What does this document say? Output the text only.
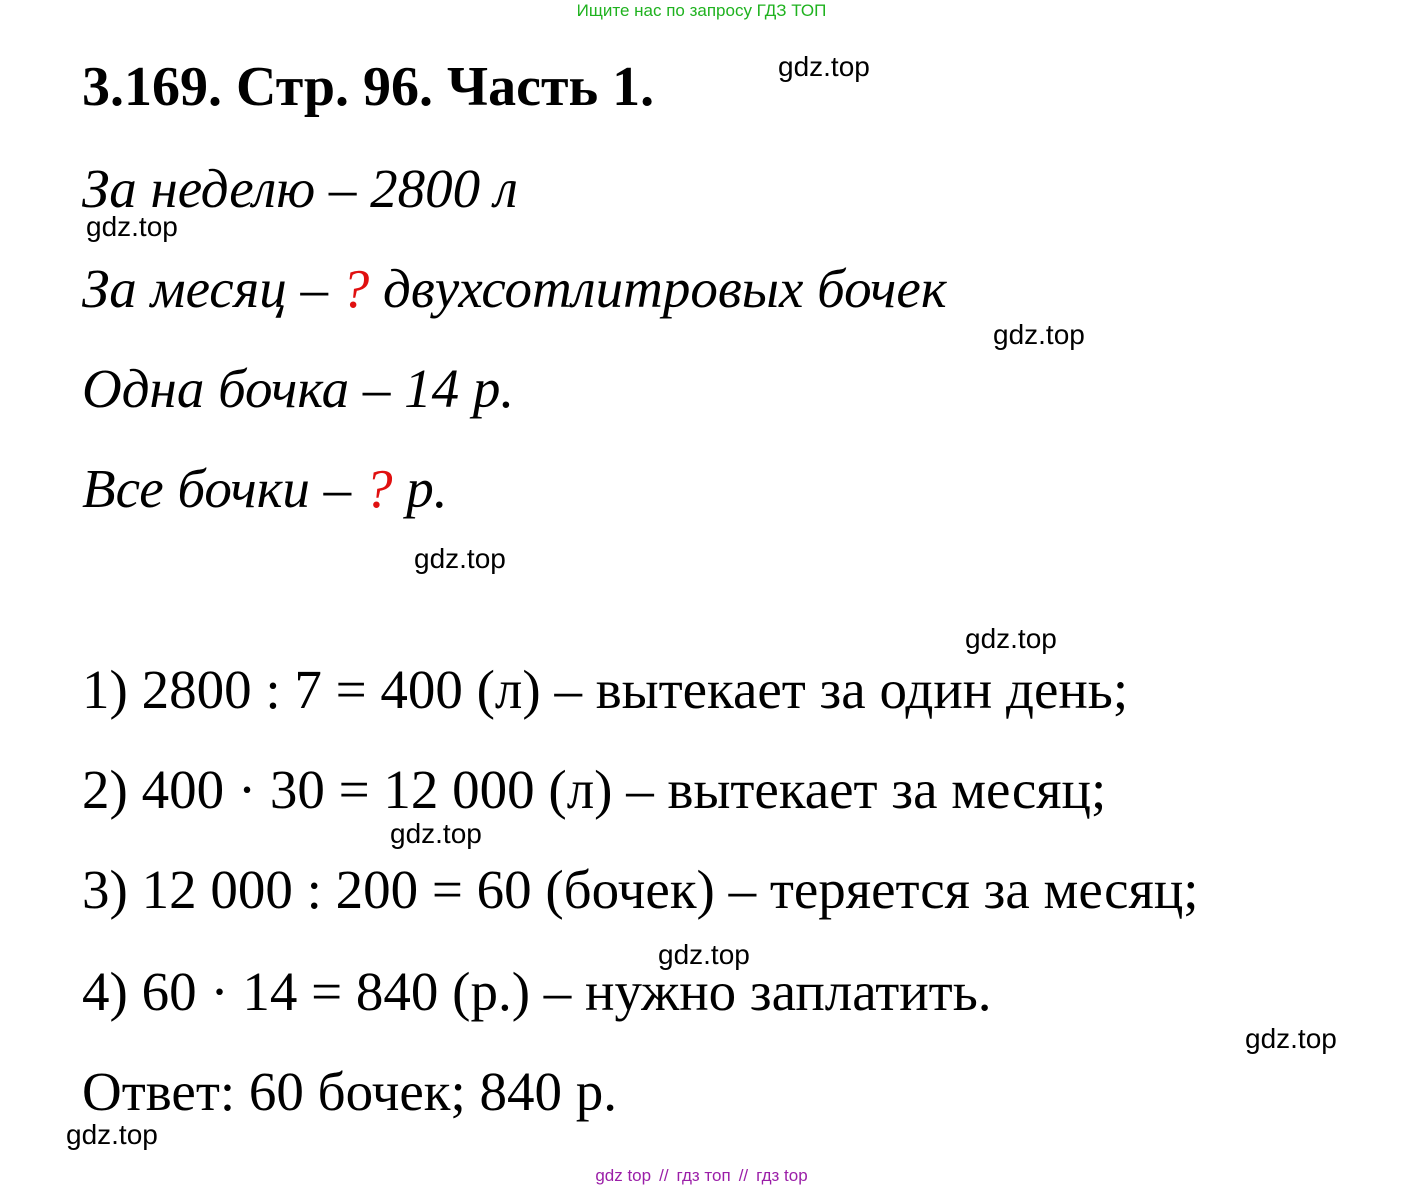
Ищите нас по запросу ГДЗ ТОП
3.169. Стр. 96. Часть 1.	gdz.top
За неделю – 2800 л
gdz.top
За месяц – ? двухсотлитровых бочек
gdz.top
Одна бочка – 14 р.
Все бочки – ? р.
gdz.top
gdz.top
1) 2800 : 7 = 400 (л) – вытекает за один день;
2) 400 · 30 = 12 000 (л) – вытекает за месяц;
gdz.top
3) 12 000 : 200 = 60 (бочек) – теряется за месяц;
gdz.top
4) 60 · 14 = 840 (р.) – нужно заплатить.
gdz.top
Ответ: 60 бочек; 840 р.
gdz.top
gdz top // гдз топ // гдз top
